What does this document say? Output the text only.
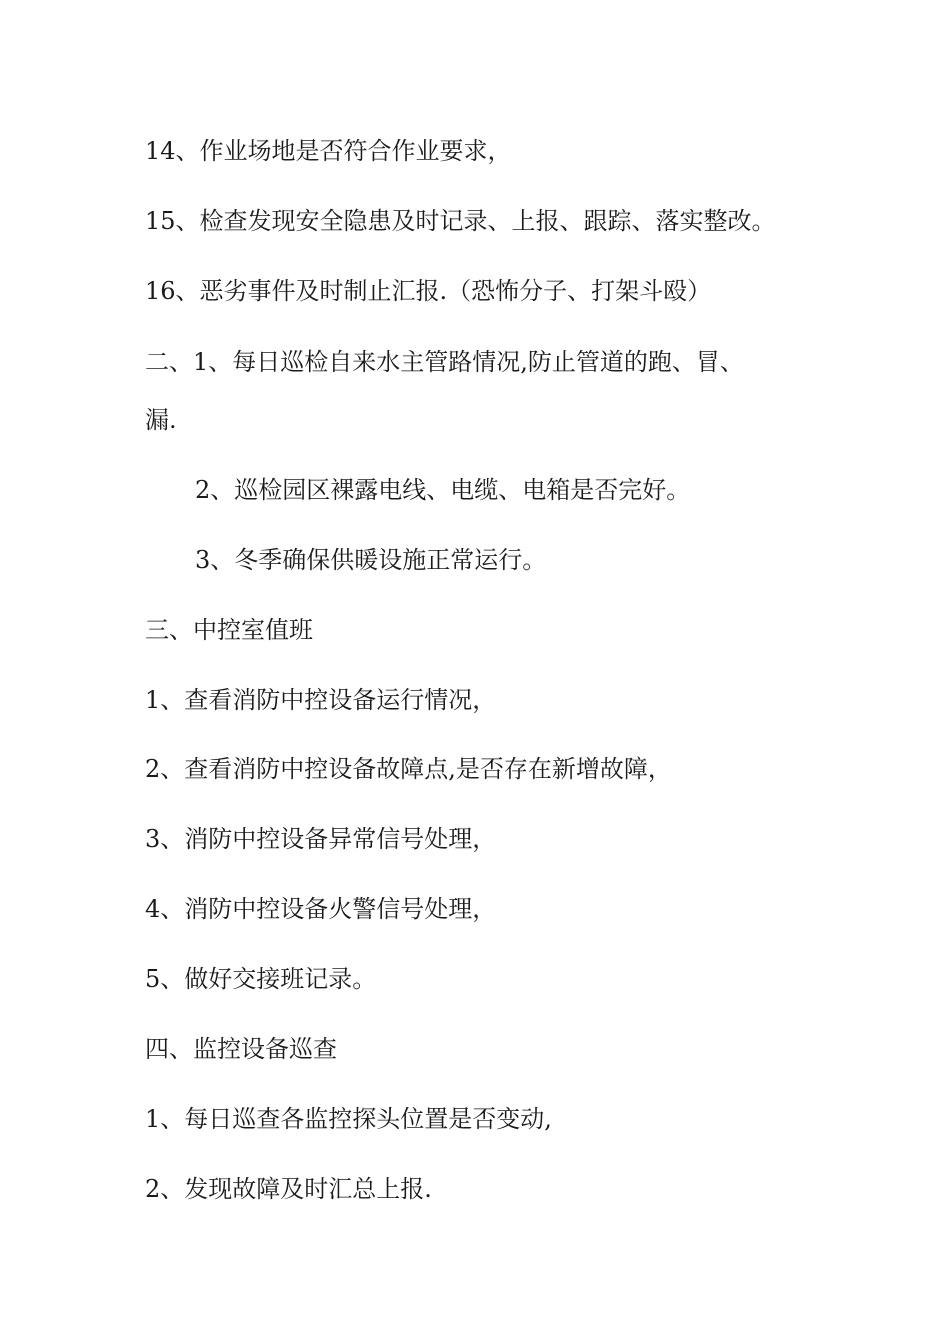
14、作业场地是否符合作业要求，
15、检查发现安全隐患及时记录、上报、跟踪、落实整改。
16、恶劣事件及时制止汇报.（恐怖分子、打架斗殴）
二、1、每日巡检自来水主管路情况,防止管道的跑、冒、
漏.
2、巡检园区裸露电线、电缆、电箱是否完好。
3、冬季确保供暖设施正常运行。
三、中控室值班
1、查看消防中控设备运行情况，
2、查看消防中控设备故障点,是否存在新增故障，
3、消防中控设备异常信号处理，
4、消防中控设备火警信号处理，
5、做好交接班记录。
四、监控设备巡查
1、每日巡查各监控探头位置是否变动,
2、发现故障及时汇总上报.
